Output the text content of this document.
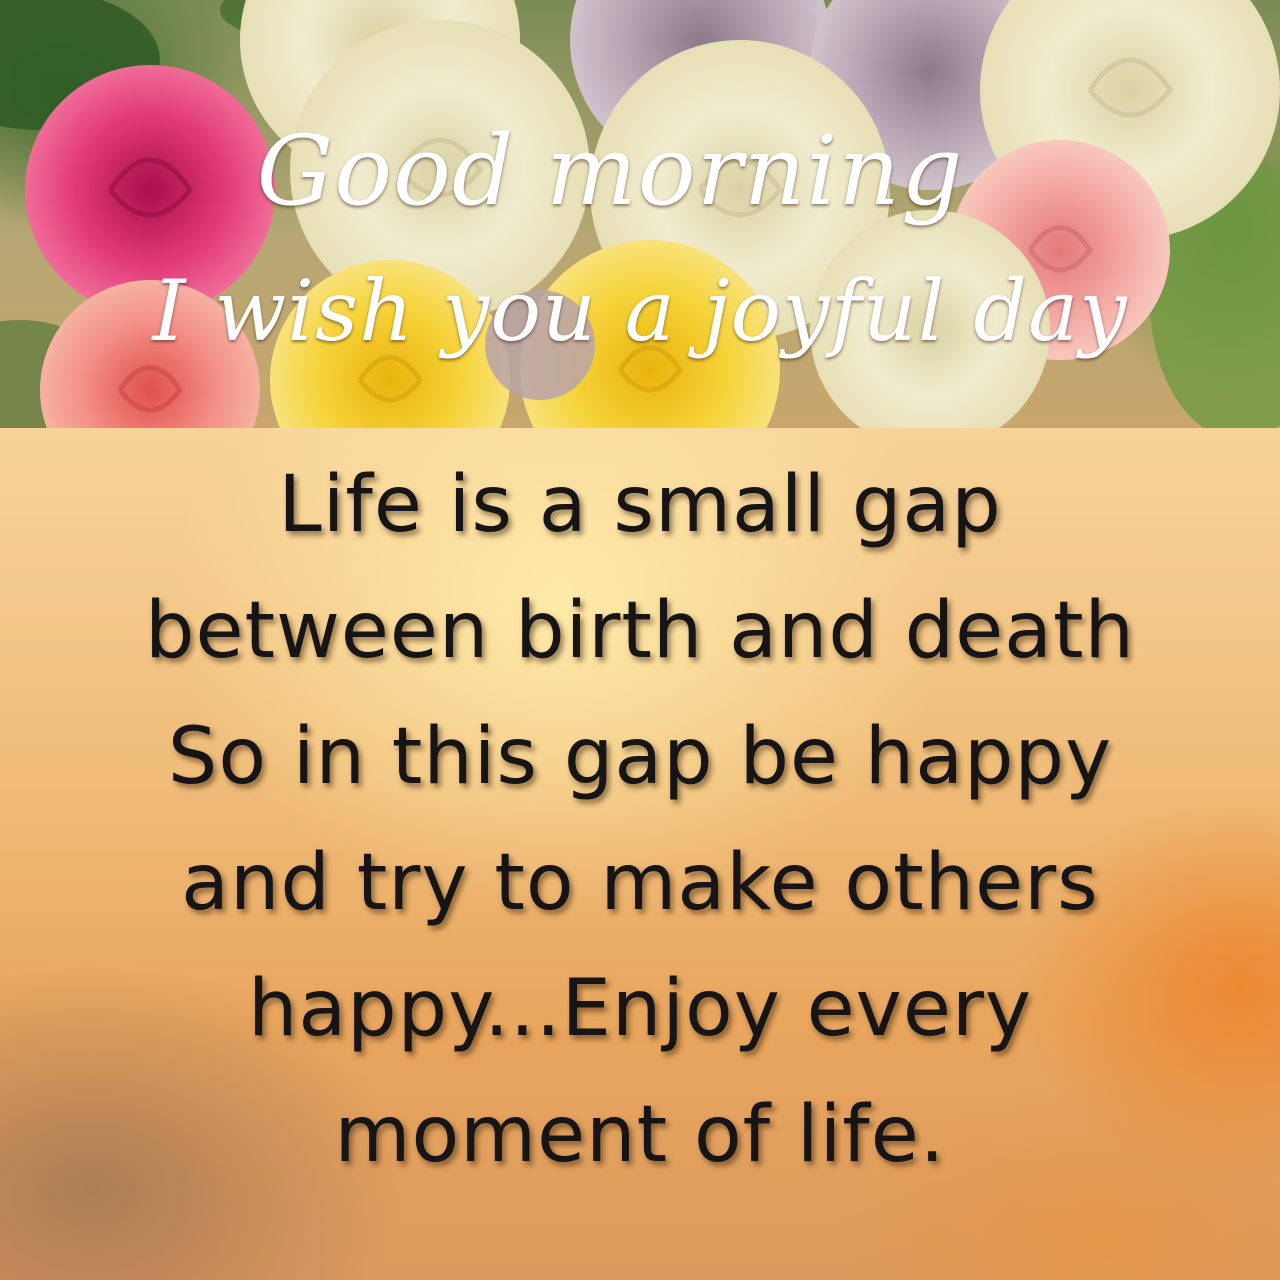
Good morning
I wish you a joyful day
Life is a small gap
between birth and death
So in this gap be happy
and try to make others
happy...Enjoy every
moment of life.
